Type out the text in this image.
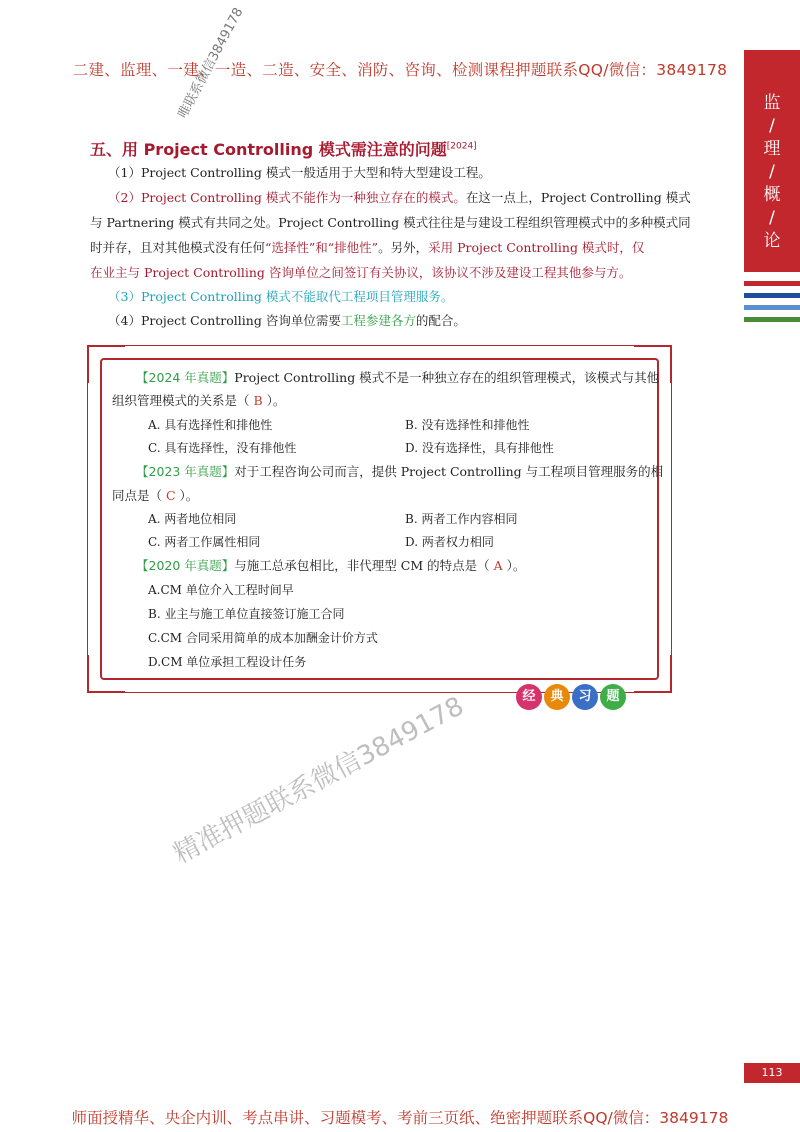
二建、监理、一建、一造、二造、安全、消防、咨询、检测课程押题联系QQ/微信：3849178
监
/
理
/
概
/
论
唯联系微信3849178
五、用 Project Controlling 模式需注意的问题[2024]
（1）Project Controlling 模式一般适用于大型和特大型建设工程。
（2）Project Controlling 模式不能作为一种独立存在的模式。在这一点上，Project Controlling 模式
与 Partnering 模式有共同之处。Project Controlling 模式往往是与建设工程组织管理模式中的多种模式同
时并存，且对其他模式没有任何“选择性”和“排他性”。另外，采用 Project Controlling 模式时，仅
在业主与 Project Controlling 咨询单位之间签订有关协议，该协议不涉及建设工程其他参与方。
（3）Project Controlling 模式不能取代工程项目管理服务。
（4）Project Controlling 咨询单位需要工程参建各方的配合。
【2024 年真题】Project Controlling 模式不是一种独立存在的组织管理模式，该模式与其他
组织管理模式的关系是（ B ）。
A. 具有选择性和排他性	B. 没有选择性和排他性
C. 具有选择性，没有排他性	D. 没有选择性，具有排他性
【2023 年真题】对于工程咨询公司而言，提供 Project Controlling 与工程项目管理服务的相
同点是（ C ）。
A. 两者地位相同	B. 两者工作内容相同
C. 两者工作属性相同	D. 两者权力相同
【2020 年真题】与施工总承包相比，非代理型 CM 的特点是（ A ）。
A.CM 单位介入工程时间早
B. 业主与施工单位直接签订施工合同
C.CM 合同采用简单的成本加酬金计价方式
D.CM 单位承担工程设计任务
经	典	习	题
精准押题联系微信3849178
113
师面授精华、央企内训、考点串讲、习题模考、考前三页纸、绝密押题联系QQ/微信：3849178
